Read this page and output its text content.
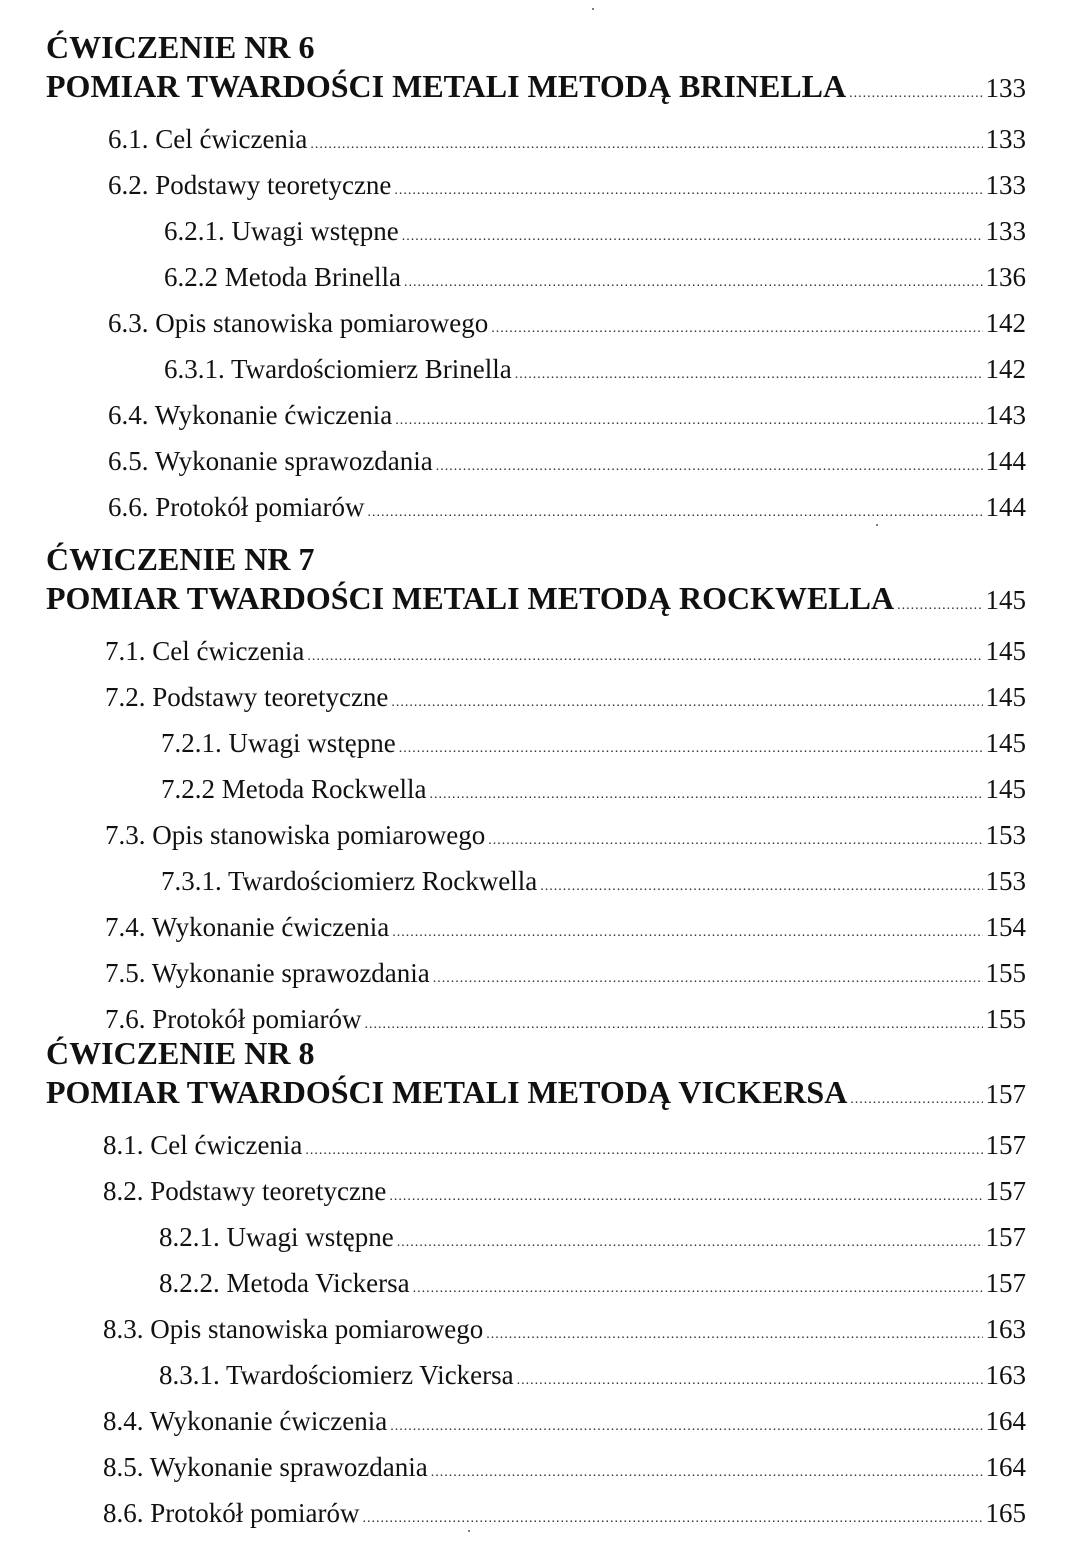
ĆWICZENIE NR 6
POMIAR TWARDOŚCI METALI METODĄ BRINELLA .....	133
6.1. Cel ćwiczenia .....	133
6.2. Podstawy teoretyczne .....	133
6.2.1. Uwagi wstępne .....	133
6.2.2 Metoda Brinella .....	136
6.3. Opis stanowiska pomiarowego .....	142
6.3.1. Twardościomierz Brinella .....	142
6.4. Wykonanie ćwiczenia .....	143
6.5. Wykonanie sprawozdania .....	144
6.6. Protokół pomiarów .....	144
ĆWICZENIE NR 7
POMIAR TWARDOŚCI METALI METODĄ ROCKWELLA .....	145
7.1. Cel ćwiczenia .....	145
7.2. Podstawy teoretyczne .....	145
7.2.1. Uwagi wstępne .....	145
7.2.2 Metoda Rockwella .....	145
7.3. Opis stanowiska pomiarowego .....	153
7.3.1. Twardościomierz Rockwella .....	153
7.4. Wykonanie ćwiczenia .....	154
7.5. Wykonanie sprawozdania .....	155
7.6. Protokół pomiarów .....	155
ĆWICZENIE NR 8
POMIAR TWARDOŚCI METALI METODĄ VICKERSA .....	157
8.1. Cel ćwiczenia .....	157
8.2. Podstawy teoretyczne .....	157
8.2.1. Uwagi wstępne .....	157
8.2.2. Metoda Vickersa .....	157
8.3. Opis stanowiska pomiarowego .....	163
8.3.1. Twardościomierz Vickersa .....	163
8.4. Wykonanie ćwiczenia .....	164
8.5. Wykonanie sprawozdania .....	164
8.6. Protokół pomiarów .....	165
